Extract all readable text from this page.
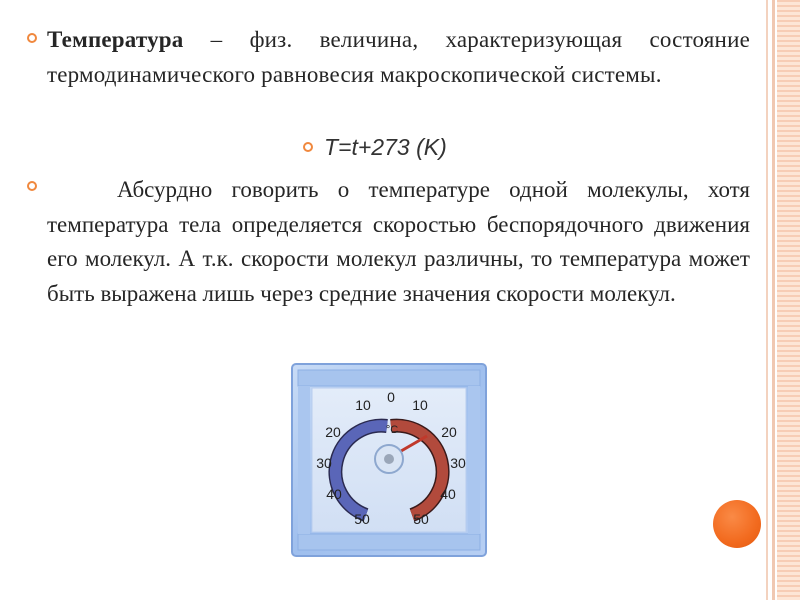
Температура – физ. величина, характеризующая состояние термодинамического равновесия макроскопической системы.

T=t+273 (K)

Абсурдно говорить о температуре одной молекулы, хотя температура тела определяется скоростью беспорядочного движения его молекул. А т.к. скорости молекул различны, то температура может быть выражена лишь через средние значения скорости молекул.

0
°C
10
20
30
40
50
10
20
30
40
50
